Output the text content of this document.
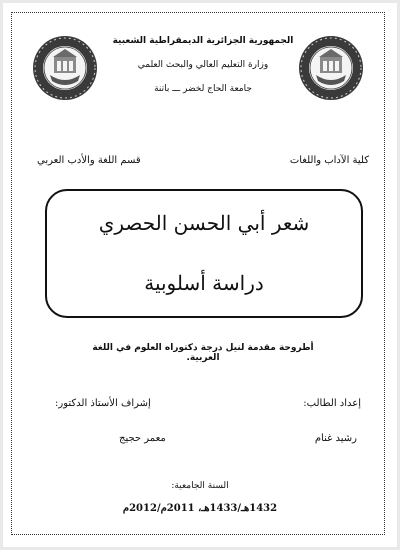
الجمهورية الجزائرية الديمقراطية الشعبية
وزارة التعليم العالي والبحث العلمي
جامعة الحاج لخضر ـــ باتنة
كلية الآداب واللغات
قسم اللغة والأدب العربي
شعر أبي الحسن الحصري
دراسة أسلوبية
أطروحة مقدمة لنيل درجة دكتوراه العلوم في اللغة العربية.
إعداد الطالب:
إشراف الأستاذ الدكتور:
رشيد غنام
معمر حجيج
السنة الجامعية:
1432هـ/1433هـ، 2011م/2012م
